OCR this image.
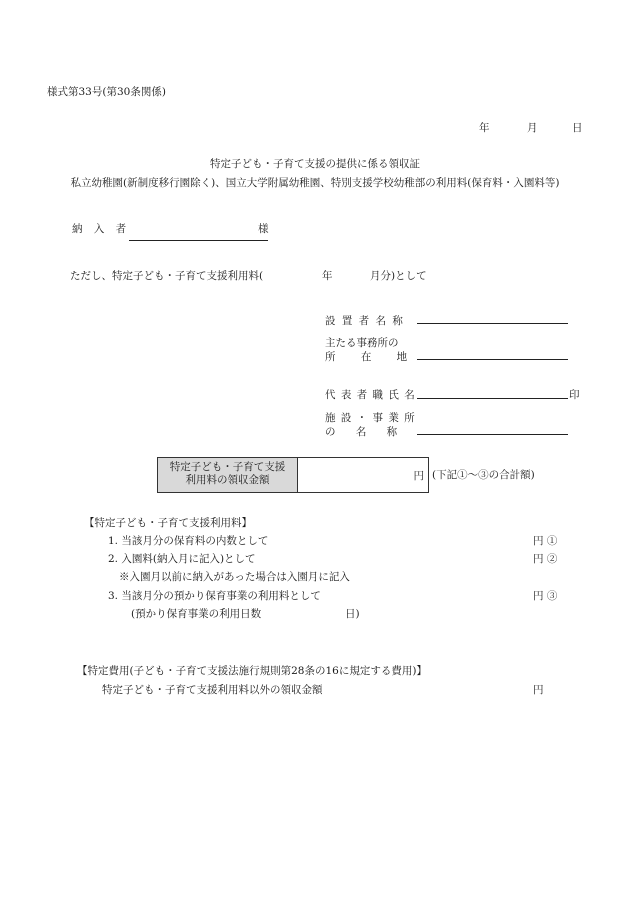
様式第33号(第30条関係)
年	月	日
特定子ども・子育て支援の提供に係る領収証
私立幼稚園(新制度移行園除く)、国立大学附属幼稚園、特別支援学校幼稚部の利用料(保育料・入園料等)
納 入 者	様
ただし、特定子ども・子育て支援利用料(	年	月分)として
設 置 者 名 称
主たる事務所の
所 在 地
代 表 者 職 氏 名	印
施 設 ・ 事 業 所
の 名 称
特定子ども・子育て支援
利用料の領収金額	円 (下記①～③の合計額)
【特定子ども・子育て支援利用料】
1. 当該月分の保育料の内数として	円 ①
2. 入園料(納入月に記入)として	円 ②
※入園月以前に納入があった場合は入園月に記入
3. 当該月分の預かり保育事業の利用料として	円 ③
(預かり保育事業の利用日数	日)
【特定費用(子ども・子育て支援法施行規則第28条の16に規定する費用)】
特定子ども・子育て支援利用料以外の領収金額	円
